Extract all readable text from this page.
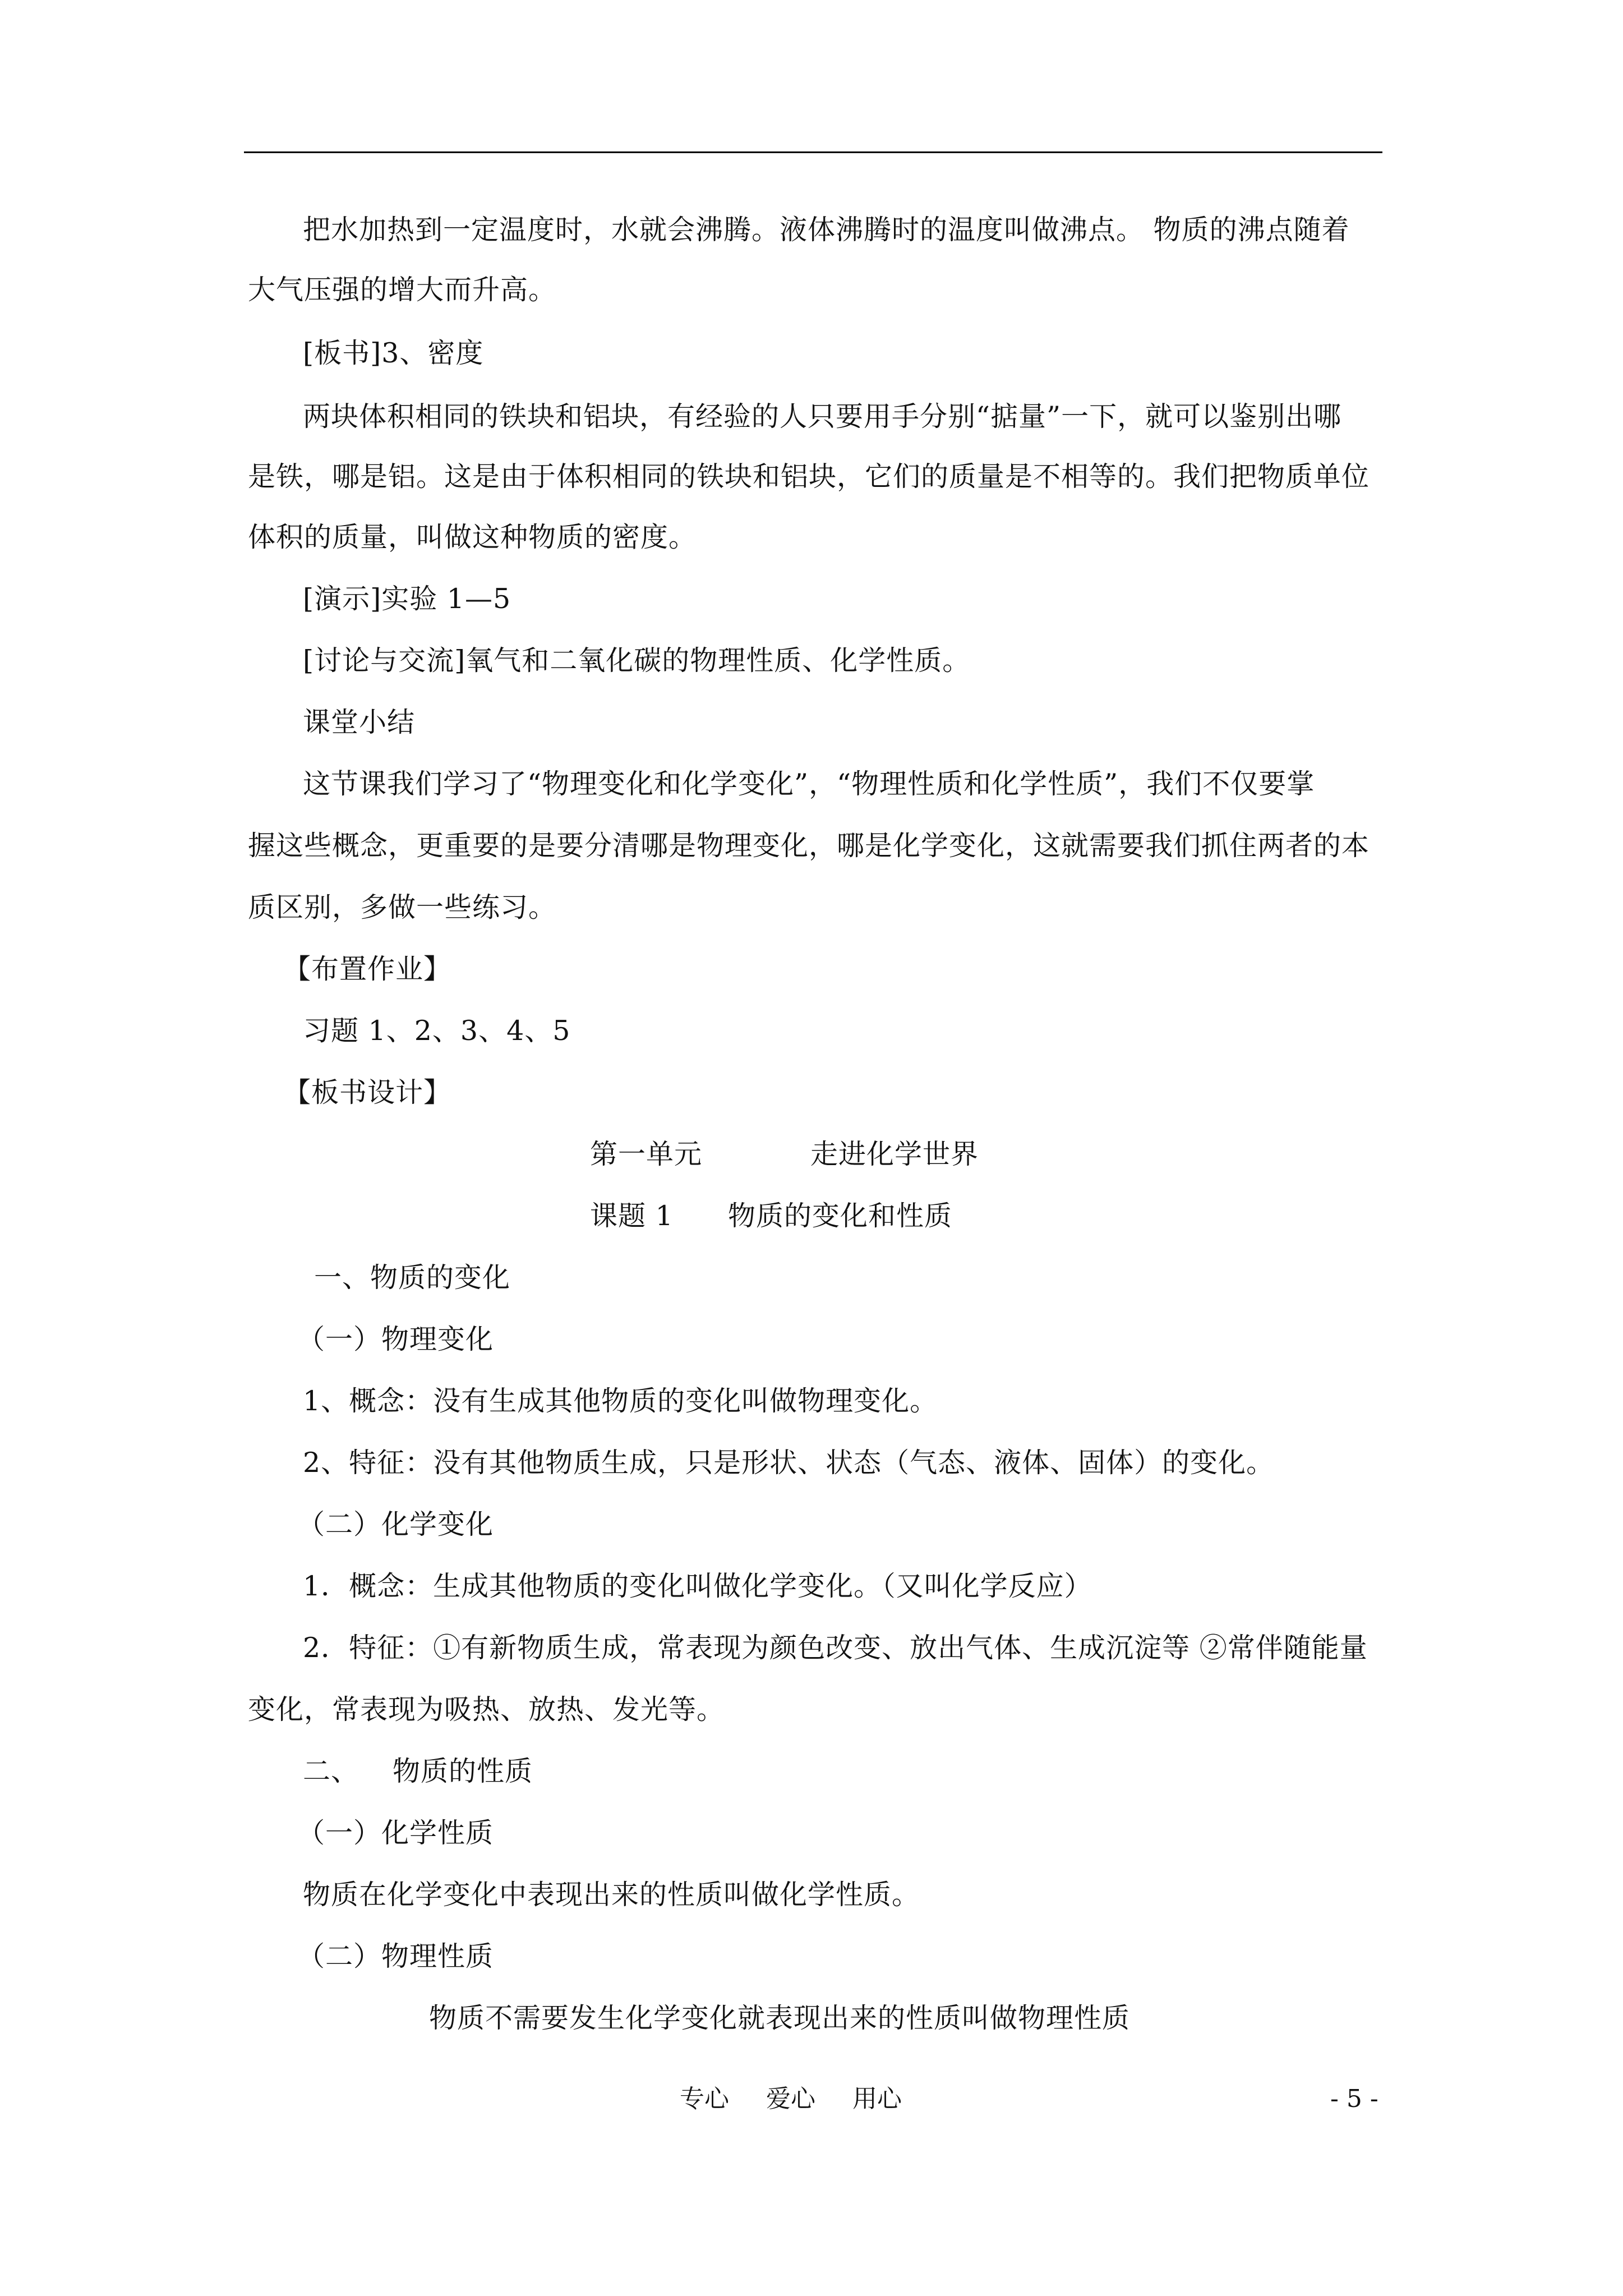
把水加热到一定温度时，水就会沸腾。液体沸腾时的温度叫做沸点。 物质的沸点随着
大气压强的增大而升高。
[板书]3、密度
两块体积相同的铁块和铝块，有经验的人只要用手分别“掂量”一下，就可以鉴别出哪
是铁，哪是铝。这是由于体积相同的铁块和铝块，它们的质量是不相等的。我们把物质单位
体积的质量，叫做这种物质的密度。
[演示]实验 1—5
[讨论与交流]氧气和二氧化碳的物理性质、化学性质。
课堂小结
这节课我们学习了“物理变化和化学变化”，“物理性质和化学性质”，我们不仅要掌
握这些概念，更重要的是要分清哪是物理变化，哪是化学变化，这就需要我们抓住两者的本
质区别，多做一些练习。
【布置作业】
习题 1、2、3、4、5
【板书设计】
第一单元	走进化学世界
课题 1 物质的变化和性质
一、物质的变化
（一）物理变化
1、概念：没有生成其他物质的变化叫做物理变化。
2、特征：没有其他物质生成，只是形状、状态（气态、液体、固体）的变化。
（二）化学变化
1．概念：生成其他物质的变化叫做化学变化。（又叫化学反应）
2．特征：①有新物质生成，常表现为颜色改变、放出气体、生成沉淀等 ②常伴随能量
变化，常表现为吸热、放热、发光等。
二、 物质的性质
（一）化学性质
物质在化学变化中表现出来的性质叫做化学性质。
（二）物理性质
物质不需要发生化学变化就表现出来的性质叫做物理性质
专心 爱心 用心	- 5 -
